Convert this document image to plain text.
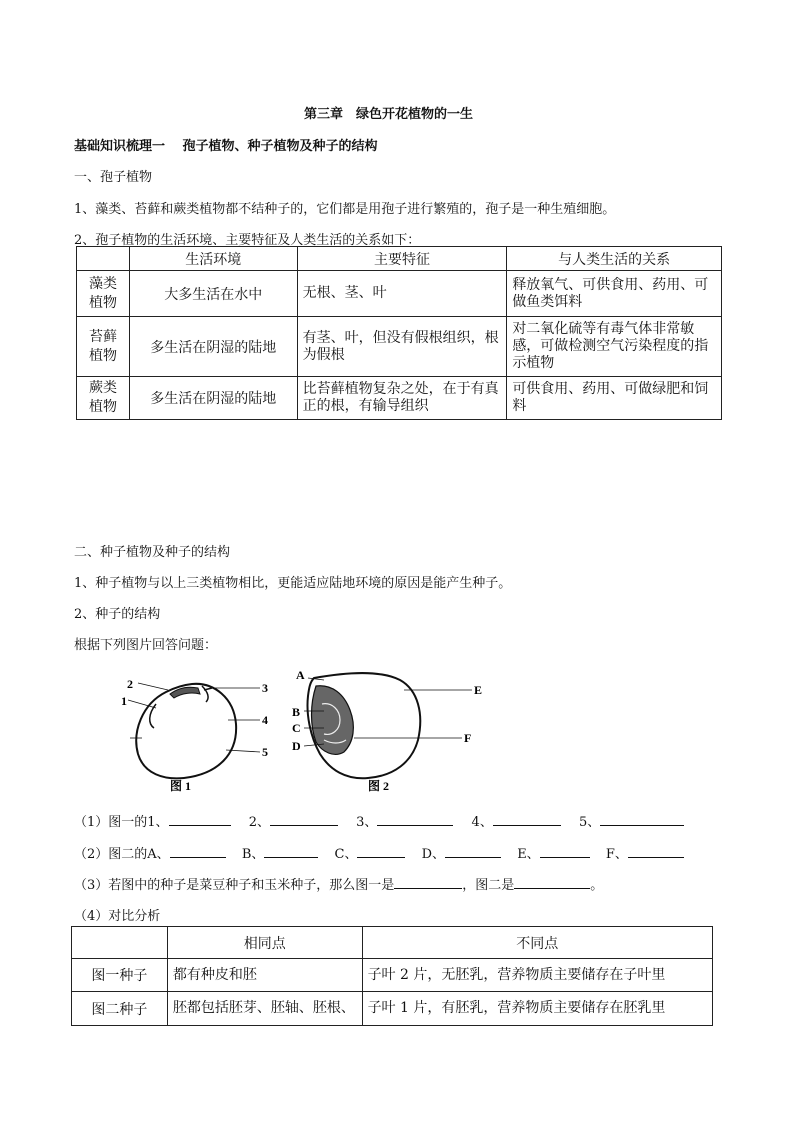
第三章　绿色开花植物的一生
基础知识梳理一　 孢子植物、种子植物及种子的结构
一、孢子植物
1、藻类、苔藓和蕨类植物都不结种子的，它们都是用孢子进行繁殖的，孢子是一种生殖细胞。
2、孢子植物的生活环境、主要特征及人类生活的关系如下：
	生活环境	主要特征	与人类生活的关系
藻类植物	大多生活在水中	无根、茎、叶	释放氧气、可供食用、药用、可做鱼类饵料
苔藓植物	多生活在阴湿的陆地	有茎、叶，但没有假根组织，根为假根	对二氧化硫等有毒气体非常敏感，可做检测空气污染程度的指示植物
蕨类植物	多生活在阴湿的陆地	比苔藓植物复杂之处，在于有真正的根，有输导组织	可供食用、药用、可做绿肥和饲料
二、种子植物及种子的结构
1、种子植物与以上三类植物相比，更能适应陆地环境的原因是能产生种子。
2、种子的结构
根据下列图片回答问题：
2
1
3
4
5
图 1
A
B
C
D
E
F
图 2
（1）图一的1、	2、	3、	4、	5、
（2）图二的A、	B、	C、	D、	E、	F、
（3）若图中的种子是菜豆种子和玉米种子，那么图一是	，图二是	。
（4）对比分析
	相同点	不同点
图一种子	都有种皮和胚	子叶 2 片，无胚乳，营养物质主要储存在子叶里
图二种子	胚都包括胚芽、胚轴、胚根、	子叶 1 片，有胚乳，营养物质主要储存在胚乳里
